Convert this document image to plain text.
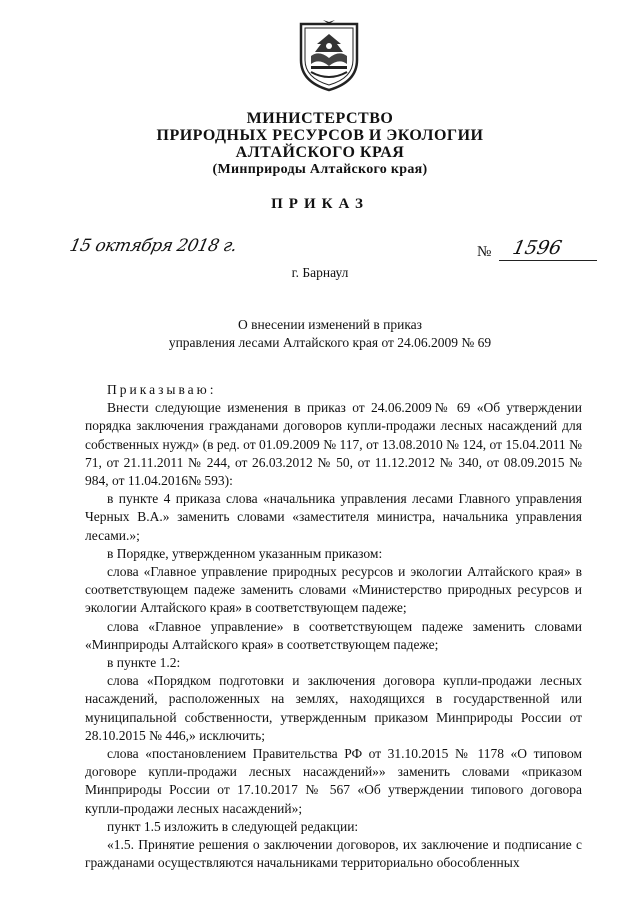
МИНИСТЕРСТВО
ПРИРОДНЫХ РЕСУРСОВ И ЭКОЛОГИИ
АЛТАЙСКОГО КРАЯ
(Минприроды Алтайского края)
ПРИКАЗ
15 октября 2018 г.	№ 1596
г. Барнаул
О внесении изменений в приказ
управления лесами Алтайского края от 24.06.2009 № 69

Приказываю:

Внести следующие изменения в приказ от 24.06.2009№ 69 «Об утверждении порядка заключения гражданами договоров купли-продажи лесных насаждений для собственных нужд» (в ред. от 01.09.2009 № 117, от 13.08.2010 № 124, от 15.04.2011 № 71, от 21.11.2011 № 244, от 26.03.2012 № 50, от 11.12.2012 № 340, от 08.09.2015 № 984, от 11.04.2016№ 593):

в пункте 4 приказа слова «начальника управления лесами Главного управления Черных В.А.» заменить словами «заместителя министра, начальника управления лесами.»;

в Порядке, утвержденном указанным приказом:

слова «Главное управление природных ресурсов и экологии Алтайского края» в соответствующем падеже заменить словами «Министерство природных ресурсов и экологии Алтайского края» в соответствующем падеже;

слова «Главное управление» в соответствующем падеже заменить словами «Минприроды Алтайского края» в соответствующем падеже;

в пункте 1.2:

слова «Порядком подготовки и заключения договора купли-продажи лесных насаждений, расположенных на землях, находящихся в государственной или муниципальной собственности, утвержденным приказом Минприроды России от 28.10.2015 № 446,» исключить;

слова «постановлением Правительства РФ от 31.10.2015 № 1178 «О типовом договоре купли-продажи лесных насаждений»» заменить словами «приказом Минприроды России от 17.10.2017 № 567 «Об утверждении типового договора купли-продажи лесных насаждений»;

пункт 1.5 изложить в следующей редакции:

«1.5. Принятие решения о заключении договоров, их заключение и подписание с гражданами осуществляются начальниками территориально обособленных
